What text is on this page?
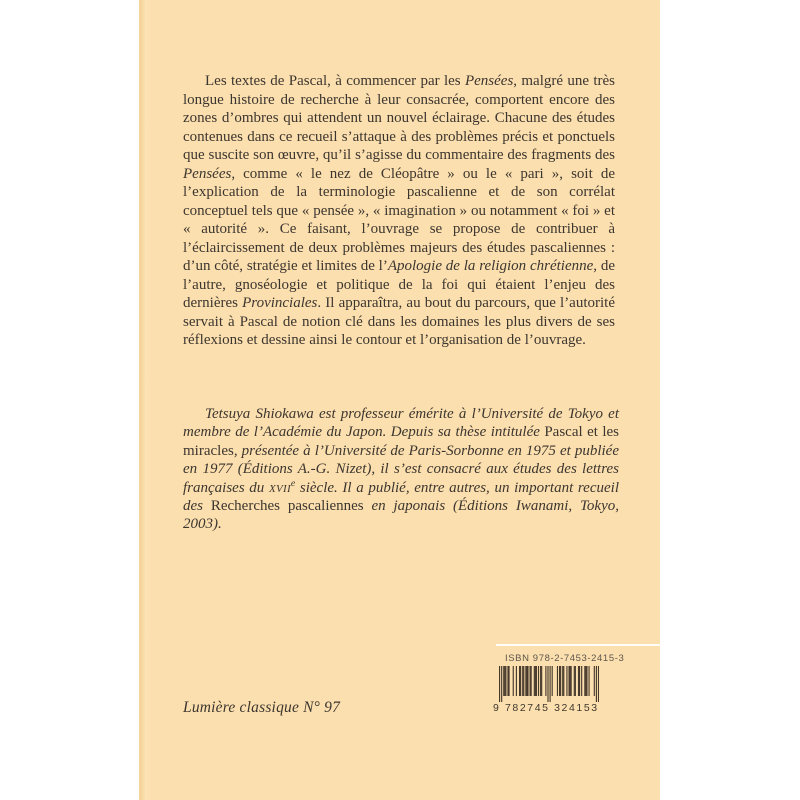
Les textes de Pascal, à commencer par les Pensées, malgré une très longue histoire de recherche à leur consacrée, comportent encore des zones d’ombres qui attendent un nouvel éclairage. Chacune des études contenues dans ce recueil s’attaque à des problèmes précis et ponctuels que suscite son œuvre, qu’il s’agisse du commentaire des fragments des Pensées, comme « le nez de Cléopâtre » ou le « pari », soit de l’explication de la terminologie pascalienne et de son corrélat conceptuel tels que « pensée », « imagination » ou notamment « foi » et « autorité ». Ce faisant, l’ouvrage se propose de contribuer à l’éclaircissement de deux problèmes majeurs des études pascaliennes : d’un côté, stratégie et limites de l’Apologie de la religion chrétienne, de l’autre, gnoséologie et politique de la foi qui étaient l’enjeu des dernières Provinciales. Il apparaîtra, au bout du parcours, que l’autorité servait à Pascal de notion clé dans les domaines les plus divers de ses réflexions et dessine ainsi le contour et l’organisation de l’ouvrage.

Tetsuya Shiokawa est professeur émérite à l’Université de Tokyo et membre de l’Académie du Japon. Depuis sa thèse intitulée Pascal et les miracles, présentée à l’Université de Paris-Sorbonne en 1975 et publiée en 1977 (Éditions A.-G. Nizet), il s’est consacré aux études des lettres françaises du xvii$^e$ siècle. Il a publié, entre autres, un important recueil des Recherches pascaliennes en japonais (Éditions Iwanami, Tokyo, 2003).

ISBN 978-2-7453-2415-3
9 782745 324153
Lumière classique N° 97
